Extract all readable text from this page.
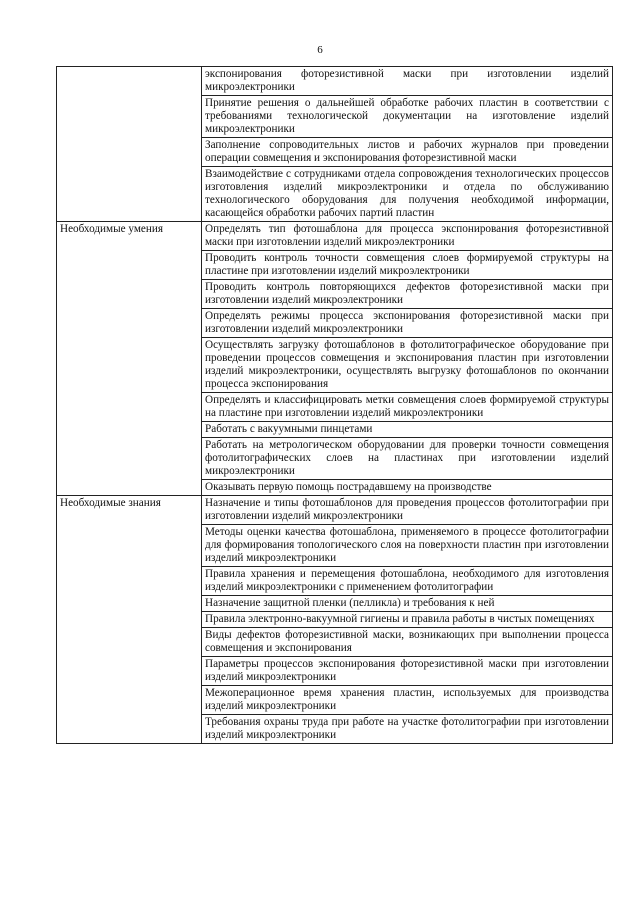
6

	экспонирования фоторезистивной маски при изготовлении изделий микроэлектроники

	Принятие решения о дальнейшей обработке рабочих пластин в соответствии с требованиями технологической документации на изготовление изделий микроэлектроники

	Заполнение сопроводительных листов и рабочих журналов при проведении операции совмещения и экспонирования фоторезистивной маски

	Взаимодействие с сотрудниками отдела сопровождения технологических процессов изготовления изделий микроэлектроники и отдела по обслуживанию технологического оборудования для получения необходимой информации, касающейся обработки рабочих партий пластин

Необходимые умения	Определять тип фотошаблона для процесса экспонирования фоторезистивной маски при изготовлении изделий микроэлектроники

	Проводить контроль точности совмещения слоев формируемой структуры на пластине при изготовлении изделий микроэлектроники

	Проводить контроль повторяющихся дефектов фоторезистивной маски при изготовлении изделий микроэлектроники

	Определять режимы процесса экспонирования фоторезистивной маски при изготовлении изделий микроэлектроники

	Осуществлять загрузку фотошаблонов в фотолитографическое оборудование при проведении процессов совмещения и экспонирования пластин при изготовлении изделий микроэлектроники, осуществлять выгрузку фотошаблонов по окончании процесса экспонирования

	Определять и классифицировать метки совмещения слоев формируемой структуры на пластине при изготовлении изделий микроэлектроники

	Работать с вакуумными пинцетами

	Работать на метрологическом оборудовании для проверки точности совмещения фотолитографических слоев на пластинах при изготовлении изделий микроэлектроники

	Оказывать первую помощь пострадавшему на производстве

Необходимые знания	Назначение и типы фотошаблонов для проведения процессов фотолитографии при изготовлении изделий микроэлектроники

	Методы оценки качества фотошаблона, применяемого в процессе фотолитографии для формирования топологического слоя на поверхности пластин при изготовлении изделий микроэлектроники

	Правила хранения и перемещения фотошаблона, необходимого для изготовления изделий микроэлектроники с применением фотолитографии

	Назначение защитной пленки (пелликла) и требования к ней

	Правила электронно-вакуумной гигиены и правила работы в чистых помещениях

	Виды дефектов фоторезистивной маски, возникающих при выполнении процесса совмещения и экспонирования

	Параметры процессов экспонирования фоторезистивной маски при изготовлении изделий микроэлектроники

	Межоперационное время хранения пластин, используемых для производства изделий микроэлектроники

	Требования охраны труда при работе на участке фотолитографии при изготовлении изделий микроэлектроники
